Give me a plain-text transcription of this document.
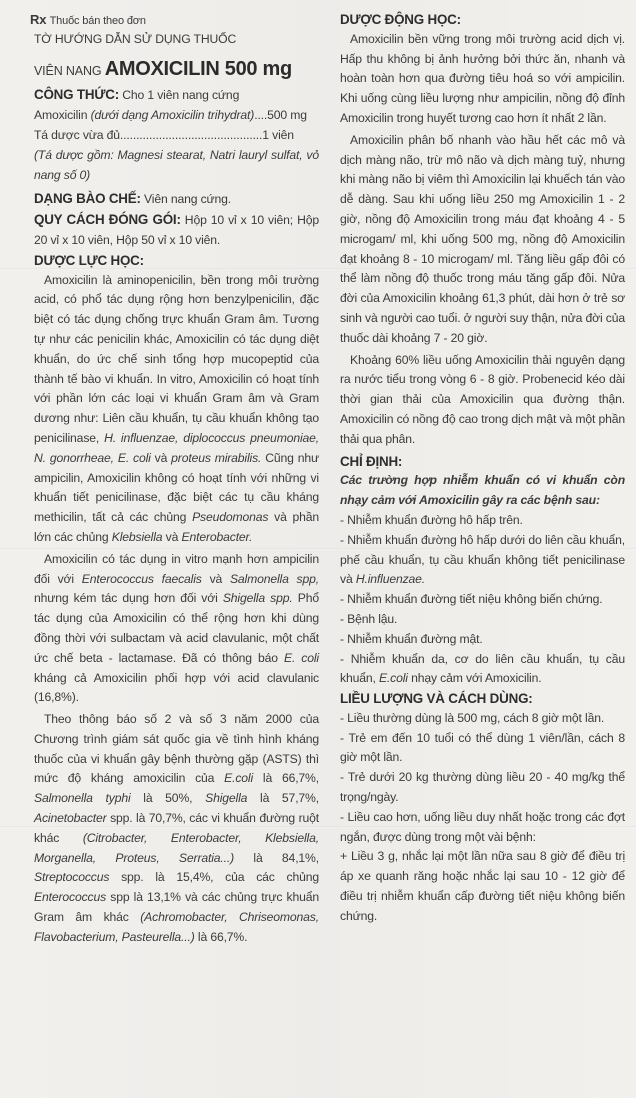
Rx Thuốc bán theo đơn
TỜ HƯỚNG DẪN SỬ DỤNG THUỐC
VIÊN NANG AMOXICILIN 500 mg
CÔNG THỨC: Cho 1 viên nang cứng

Amoxicilin (dưới dạng Amoxicilin trihydrat)....500 mg

Tá dược vừa đủ............................................1 viên

(Tá dược gồm: Magnesi stearat, Natri lauryl sulfat, vỏ nang số 0)

DẠNG BÀO CHẾ: Viên nang cứng.

QUY CÁCH ĐÓNG GÓI: Hộp 10 vỉ x 10 viên; Hộp 20 vỉ x 10 viên, Hộp 50 vỉ x 10 viên.

DƯỢC LỰC HỌC:

Amoxicilin là aminopenicilin, bền trong môi trường acid, có phổ tác dụng rộng hơn benzylpenicilin, đặc biệt có tác dụng chống trực khuẩn Gram âm. Tương tự như các penicilin khác, Amoxicilin có tác dụng diệt khuẩn, do ức chế sinh tổng hợp mucopeptid của thành tế bào vi khuẩn. In vitro, Amoxicilin có hoạt tính với phần lớn các loại vi khuẩn Gram âm và Gram dương như: Liên cầu khuẩn, tụ cầu khuẩn không tạo penicilinase, H. influenzae, diplococcus pneumoniae, N. gonorrheae, E. coli và proteus mirabilis. Cũng như ampicilin, Amoxicilin không có hoạt tính với những vi khuẩn tiết penicilinase, đặc biệt các tụ cầu kháng methicilin, tất cả các chủng Pseudomonas và phần lớn các chủng Klebsiella và Enterobacter.

Amoxicilin có tác dụng in vitro mạnh hơn ampicilin đối với Enterococcus faecalis và Salmonella spp, nhưng kém tác dụng hơn đối với Shigella spp. Phổ tác dụng của Amoxicilin có thể rộng hơn khi dùng đồng thời với sulbactam và acid clavulanic, một chất ức chế beta - lactamase. Đã có thông báo E. coli kháng cả Amoxicilin phối hợp với acid clavulanic (16,8%).

Theo thông báo số 2 và số 3 năm 2000 của Chương trình giám sát quốc gia về tình hình kháng thuốc của vi khuẩn gây bệnh thường gặp (ASTS) thì mức độ kháng amoxicilin của E.coli là 66,7%, Salmonella typhi là 50%, Shigella là 57,7%, Acinetobacter spp. là 70,7%, các vi khuẩn đường ruột khác (Citrobacter, Enterobacter, Klebsiella, Morganella, Proteus, Serratia...) là 84,1%, Streptococcus spp. là 15,4%, của các chủng Enterococcus spp là 13,1% và các chủng trực khuẩn Gram âm khác (Achromobacter, Chriseomonas, Flavobacterium, Pasteurella...) là 66,7%.

DƯỢC ĐỘNG HỌC:

Amoxicilin bền vững trong môi trường acid dịch vị. Hấp thu không bị ảnh hưởng bởi thức ăn, nhanh và hoàn toàn hơn qua đường tiêu hoá so với ampicilin. Khi uống cùng liều lượng như ampicilin, nồng độ đỉnh Amoxicilin trong huyết tương cao hơn ít nhất 2 lần.

Amoxicilin phân bố nhanh vào hầu hết các mô và dịch màng não, trừ mô não và dịch màng tuỷ, nhưng khi màng não bị viêm thì Amoxicilin lại khuếch tán vào dễ dàng. Sau khi uống liều 250 mg Amoxicilin 1 - 2 giờ, nồng độ Amoxicilin trong máu đạt khoảng 4 - 5 microgam/ ml, khi uống 500 mg, nồng độ Amoxicilin đạt khoảng 8 - 10 microgam/ ml. Tăng liều gấp đôi có thể làm nồng độ thuốc trong máu tăng gấp đôi. Nửa đời của Amoxicilin khoảng 61,3 phút, dài hơn ở trẻ sơ sinh và người cao tuổi. ở người suy thận, nửa đời của thuốc dài khoảng 7 - 20 giờ.

Khoảng 60% liều uống Amoxicilin thải nguyên dạng ra nước tiểu trong vòng 6 - 8 giờ. Probenecid kéo dài thời gian thải của Amoxicilin qua đường thận. Amoxicilin có nồng độ cao trong dịch mật và một phần thải qua phân.

CHỈ ĐỊNH:

Các trường hợp nhiễm khuẩn có vi khuẩn còn nhạy cảm với Amoxicilin gây ra các bệnh sau:

- Nhiễm khuẩn đường hô hấp trên.

- Nhiễm khuẩn đường hô hấp dưới do liên cầu khuẩn, phế cầu khuẩn, tụ cầu khuẩn không tiết penicilinase và H.influenzae.

- Nhiễm khuẩn đường tiết niệu không biến chứng.

- Bệnh lậu.

- Nhiễm khuẩn đường mật.

- Nhiễm khuẩn da, cơ do liên cầu khuẩn, tụ cầu khuẩn, E.coli nhạy cảm với Amoxicilin.

LIỀU LƯỢNG VÀ CÁCH DÙNG:

- Liều thường dùng là 500 mg, cách 8 giờ một lần.

- Trẻ em đến 10 tuổi có thể dùng 1 viên/lần, cách 8 giờ một lần.

- Trẻ dưới 20 kg thường dùng liều 20 - 40 mg/kg thể trọng/ngày.

- Liều cao hơn, uống liều duy nhất hoặc trong các đợt ngắn, được dùng trong một vài bệnh:

+ Liều 3 g, nhắc lại một lần nữa sau 8 giờ để điều trị áp xe quanh răng hoặc nhắc lại sau 10 - 12 giờ để điều trị nhiễm khuẩn cấp đường tiết niệu không biến chứng.
